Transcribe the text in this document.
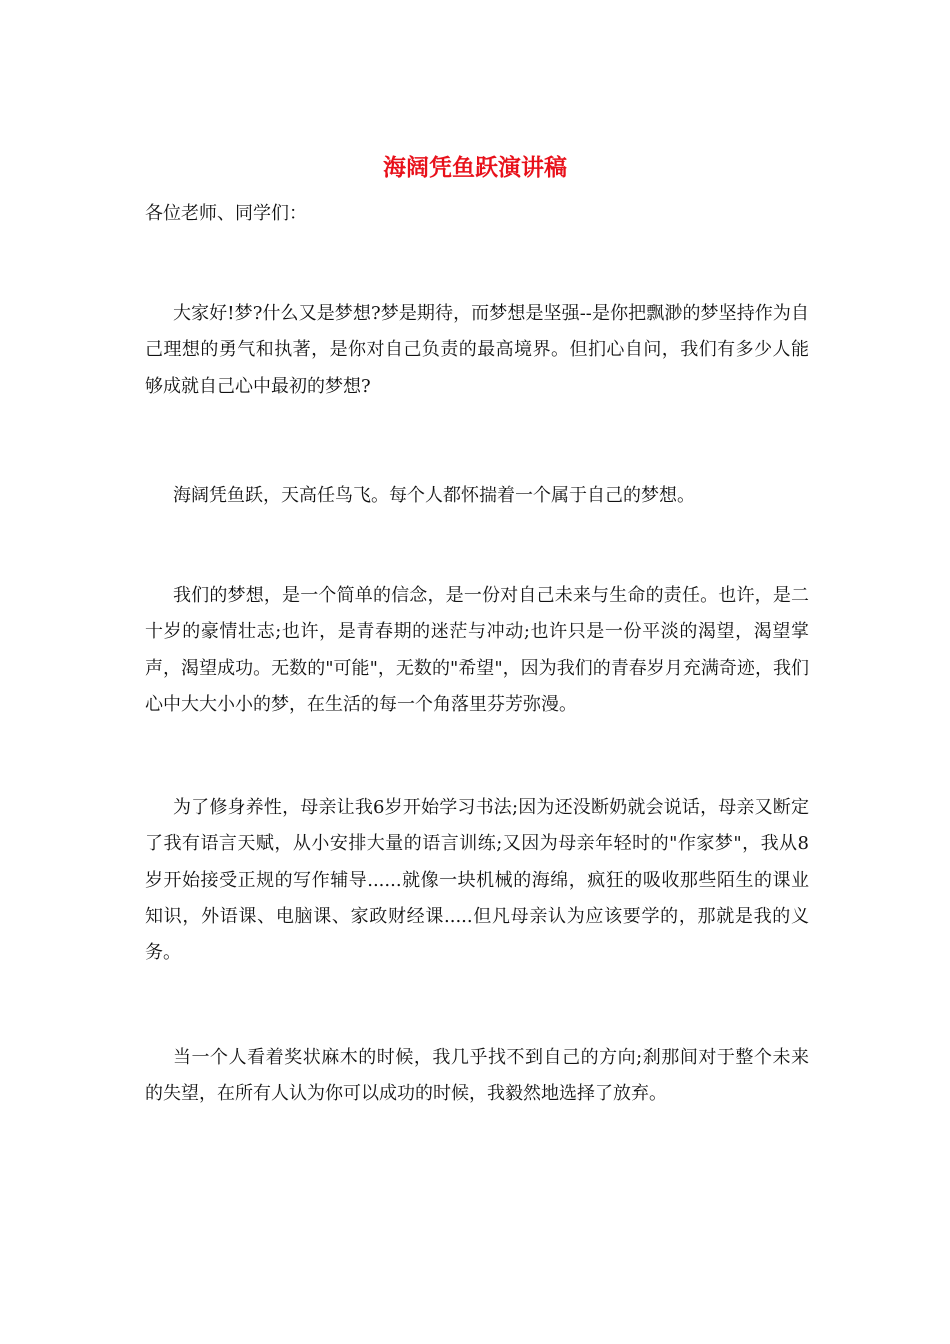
海阔凭鱼跃演讲稿

各位老师、同学们：

大家好!梦?什么又是梦想?梦是期待，而梦想是坚强--是你把飘渺的梦坚持作为自己理想的勇气和执著，是你对自己负责的最高境界。但扪心自问，我们有多少人能够成就自己心中最初的梦想?

海阔凭鱼跃，天高任鸟飞。每个人都怀揣着一个属于自己的梦想。

我们的梦想，是一个简单的信念，是一份对自己未来与生命的责任。也许，是二十岁的豪情壮志;也许，是青春期的迷茫与冲动;也许只是一份平淡的渴望，渴望掌声，渴望成功。无数的"可能"，无数的"希望"，因为我们的青春岁月充满奇迹，我们心中大大小小的梦，在生活的每一个角落里芬芳弥漫。

为了修身养性，母亲让我6岁开始学习书法;因为还没断奶就会说话，母亲又断定了我有语言天赋，从小安排大量的语言训练;又因为母亲年轻时的"作家梦"，我从8岁开始接受正规的写作辅导......就像一块机械的海绵，疯狂的吸收那些陌生的课业知识，外语课、电脑课、家政财经课.....但凡母亲认为应该要学的，那就是我的义务。

当一个人看着奖状麻木的时候，我几乎找不到自己的方向;刹那间对于整个未来的失望，在所有人认为你可以成功的时候，我毅然地选择了放弃。
